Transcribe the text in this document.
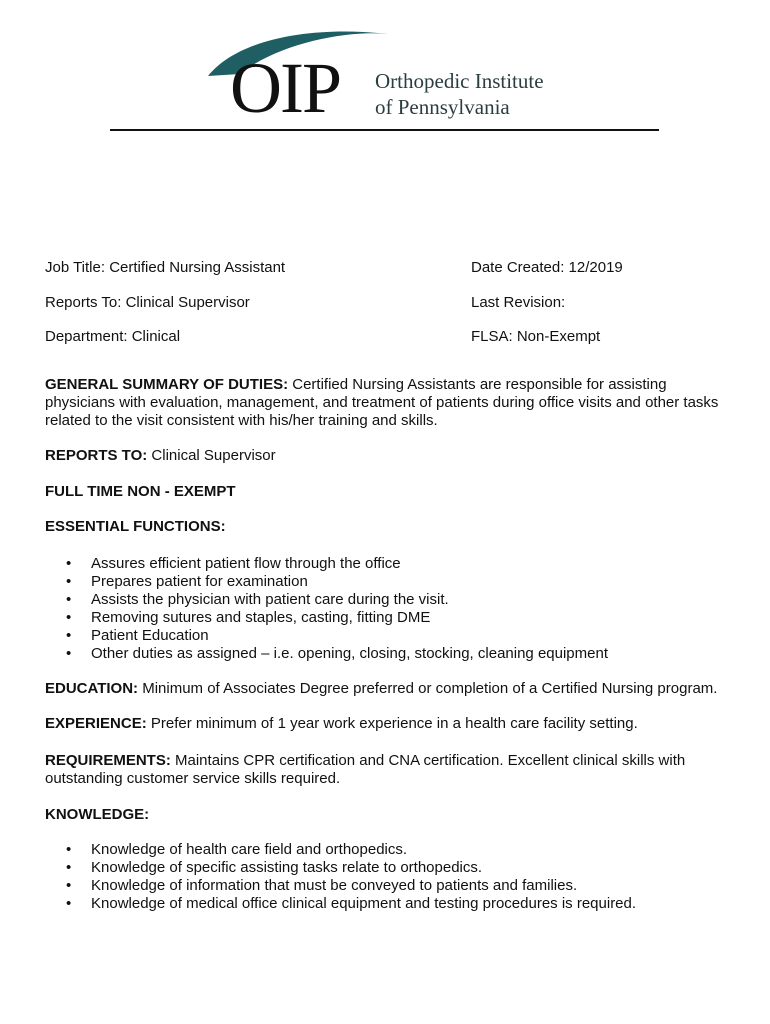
OIP Orthopedic Institute
of Pennsylvania
Job Title: Certified Nursing Assistant	Date Created: 12/2019
Reports To: Clinical Supervisor	Last Revision:
Department: Clinical	FLSA: Non-Exempt
GENERAL SUMMARY OF DUTIES: Certified Nursing Assistants are responsible for assisting physicians with evaluation, management, and treatment of patients during office visits and other tasks related to the visit consistent with his/her training and skills.
REPORTS TO: Clinical Supervisor
FULL TIME NON - EXEMPT
ESSENTIAL FUNCTIONS:
• Assures efficient patient flow through the office
• Prepares patient for examination
• Assists the physician with patient care during the visit.
• Removing sutures and staples, casting, fitting DME
• Patient Education
• Other duties as assigned – i.e. opening, closing, stocking, cleaning equipment
EDUCATION: Minimum of Associates Degree preferred or completion of a Certified Nursing program.
EXPERIENCE: Prefer minimum of 1 year work experience in a health care facility setting.
REQUIREMENTS: Maintains CPR certification and CNA certification. Excellent clinical skills with outstanding customer service skills required.
KNOWLEDGE:
• Knowledge of health care field and orthopedics.
• Knowledge of specific assisting tasks relate to orthopedics.
• Knowledge of information that must be conveyed to patients and families.
• Knowledge of medical office clinical equipment and testing procedures is required.
